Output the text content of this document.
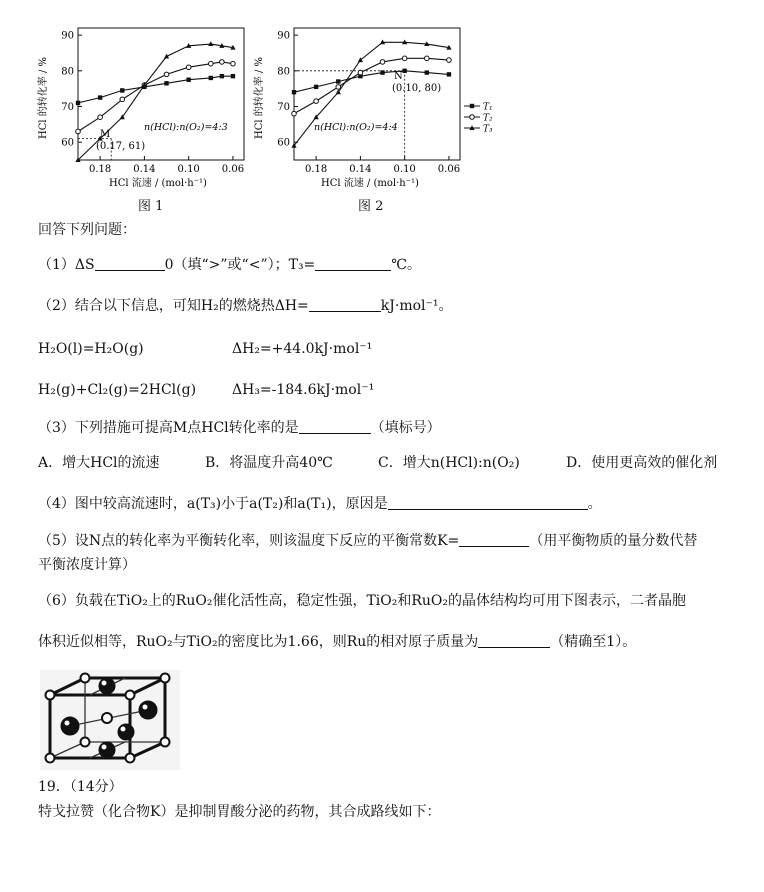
60
70
80
90
0.18 0.14 0.10 0.06
HCl 的转化率 / %
HCl 流速 / (mol·h⁻¹)
n(HCl):n(O₂)=4:3
M
(0.17, 61)	60
70
80
90
0.18 0.14 0.10 0.06
HCl 的转化率 / %
HCl 流速 / (mol·h⁻¹)
n(HCl):n(O₂)=4:4
N
(0.10, 80)
T₁
T₂
T₃
图 1	图 2
回答下列问题：
（1）ΔS	0（填“>”或“<”）；T₃=	℃。
（2）结合以下信息，可知H₂的燃烧热ΔH=	kJ·mol⁻¹。
H₂O(l)=H₂O(g)	ΔH₂=+44.0kJ·mol⁻¹
H₂(g)+Cl₂(g)=2HCl(g)	ΔH₃=-184.6kJ·mol⁻¹
（3）下列措施可提高M点HCl转化率的是	（填标号）
A．增大HCl的流速	B．将温度升高40℃	C．增大n(HCl):n(O₂)	D．使用更高效的催化剂
（4）图中较高流速时，a(T₃)小于a(T₂)和a(T₁)，原因是	。
（5）设N点的转化率为平衡转化率，则该温度下反应的平衡常数K=	（用平衡物质的量分数代替
平衡浓度计算）
（6）负载在TiO₂上的RuO₂催化活性高，稳定性强，TiO₂和RuO₂的晶体结构均可用下图表示，二者晶胞
体积近似相等，RuO₂与TiO₂的密度比为1.66，则Ru的相对原子质量为	（精确至1）。
19．（14分）
特戈拉赞（化合物K）是抑制胃酸分泌的药物，其合成路线如下：
